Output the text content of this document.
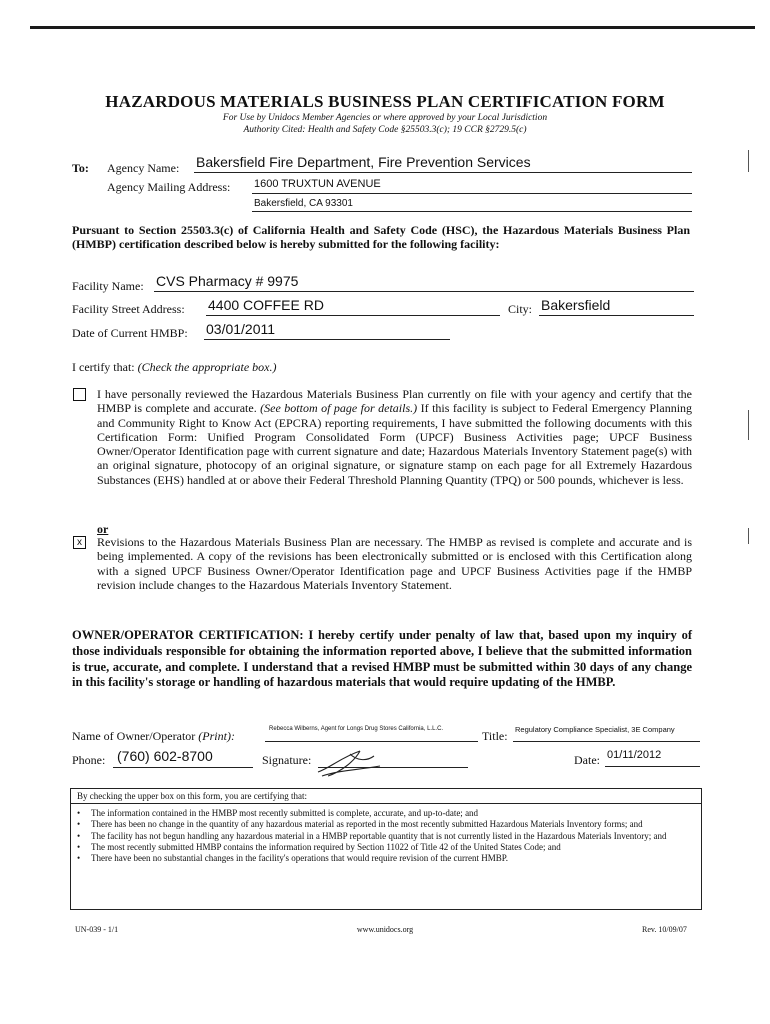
HAZARDOUS MATERIALS BUSINESS PLAN CERTIFICATION FORM
For Use by Unidocs Member Agencies or where approved by your Local Jurisdiction
Authority Cited: Health and Safety Code §25503.3(c); 19 CCR §2729.5(c)
To: Agency Name: Bakersfield Fire Department, Fire Prevention Services
Agency Mailing Address: 1600 TRUXTUN AVENUE
Bakersfield, CA 93301
Pursuant to Section 25503.3(c) of California Health and Safety Code (HSC), the Hazardous Materials Business Plan (HMBP) certification described below is hereby submitted for the following facility:
Facility Name: CVS Pharmacy # 9975
Facility Street Address: 4400 COFFEE RD	City: Bakersfield
Date of Current HMBP: 03/01/2011
I certify that: (Check the appropriate box.)
I have personally reviewed the Hazardous Materials Business Plan currently on file with your agency and certify that the HMBP is complete and accurate. (See bottom of page for details.) If this facility is subject to Federal Emergency Planning and Community Right to Know Act (EPCRA) reporting requirements, I have submitted the following documents with this Certification Form: Unified Program Consolidated Form (UPCF) Business Activities page; UPCF Business Owner/Operator Identification page with current signature and date; Hazardous Materials Inventory Statement page(s) with an original signature, photocopy of an original signature, or signature stamp on each page for all Extremely Hazardous Substances (EHS) handled at or above their Federal Threshold Planning Quantity (TPQ) or 500 pounds, whichever is less.
or
x	Revisions to the Hazardous Materials Business Plan are necessary. The HMBP as revised is complete and accurate and is being implemented. A copy of the revisions has been electronically submitted or is enclosed with this Certification along with a signed UPCF Business Owner/Operator Identification page and UPCF Business Activities page if the HMBP revision include changes to the Hazardous Materials Inventory Statement.
OWNER/OPERATOR CERTIFICATION: I hereby certify under penalty of law that, based upon my inquiry of those individuals responsible for obtaining the information reported above, I believe that the submitted information is true, accurate, and complete. I understand that a revised HMBP must be submitted within 30 days of any change in this facility's storage or handling of hazardous materials that would require updating of the HMBP.
Name of Owner/Operator (Print):	Rebecca Wilberns, Agent for Longs Drug Stores California, L.L.C.	Title: Regulatory Compliance Specialist, 3E Company
Phone: (760) 602-8700	Signature:	Date: 01/11/2012
By checking the upper box on this form, you are certifying that:

• The information contained in the HMBP most recently submitted is complete, accurate, and up-to-date; and

• There has been no change in the quantity of any hazardous material as reported in the most recently submitted Hazardous Materials Inventory forms; and

• The facility has not begun handling any hazardous material in a HMBP reportable quantity that is not currently listed in the Hazardous Materials Inventory; and

• The most recently submitted HMBP contains the information required by Section 11022 of Title 42 of the United States Code; and

• There have been no substantial changes in the facility's operations that would require revision of the current HMBP.

UN-039 - 1/1	www.unidocs.org	Rev. 10/09/07
